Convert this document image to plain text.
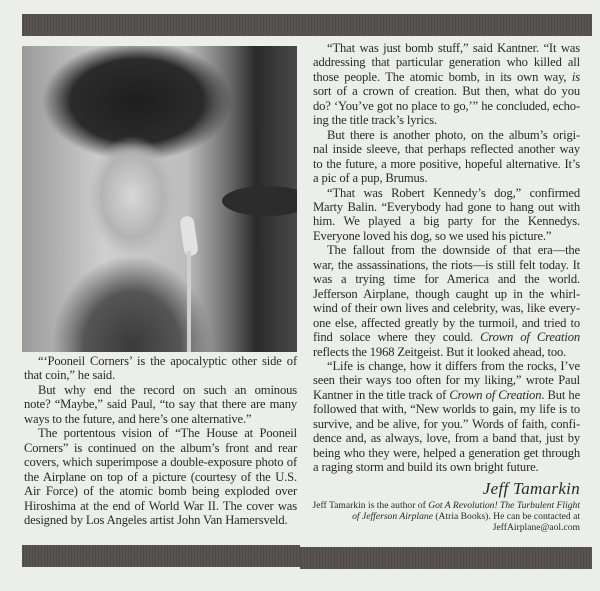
“That was just bomb stuff,” said Kantner. “It was
addressing that particular generation who killed all
those people. The atomic bomb, in its own way, is
sort of a crown of creation. But then, what do you
do? ‘You’ve got no place to go,’” he concluded, echo-
ing the title track’s lyrics.
But there is another photo, on the album’s origi-
nal inside sleeve, that perhaps reflected another way
to the future, a more positive, hopeful alternative. It’s
a pic of a pup, Brumus.
“That was Robert Kennedy’s dog,” confirmed
Marty Balin. “Everybody had gone to hang out with
him. We played a big party for the Kennedys.
Everyone loved his dog, so we used his picture.”
The fallout from the downside of that era—the
war, the assassinations, the riots—is still felt today. It
was a trying time for America and the world.
Jefferson Airplane, though caught up in the whirl-
wind of their own lives and celebrity, was, like every-
one else, affected greatly by the turmoil, and tried to
find solace where they could. Crown of Creation
reflects the 1968 Zeitgeist. But it looked ahead, too.
“Life is change, how it differs from the rocks, I’ve
seen their ways too often for my liking,” wrote Paul
Kantner in the title track of Crown of Creation. But he
followed that with, “New worlds to gain, my life is to
survive, and be alive, for you.” Words of faith, confi-
dence and, as always, love, from a band that, just by
being who they were, helped a generation get through
a raging storm and build its own bright future.
“‘Pooneil Corners’ is the apocalyptic other side of
that coin,” he said.
But why end the record on such an ominous
note? “Maybe,” said Paul, “to say that there are many
ways to the future, and here’s one alternative.”
The portentous vision of “The House at Pooneil
Corners” is continued on the album’s front and rear
covers, which superimpose a double-exposure photo of
the Airplane on top of a picture (courtesy of the U.S.
Air Force) of the atomic bomb being exploded over
Hiroshima at the end of World War II. The cover was
designed by Los Angeles artist John Van Hamersveld.
Jeff Tamarkin
Jeff Tamarkin is the author of Got A Revolution! The Turbulent Flight
of Jefferson Airplane (Atria Books). He can be contacted at
JeffAirplane@aol.com
